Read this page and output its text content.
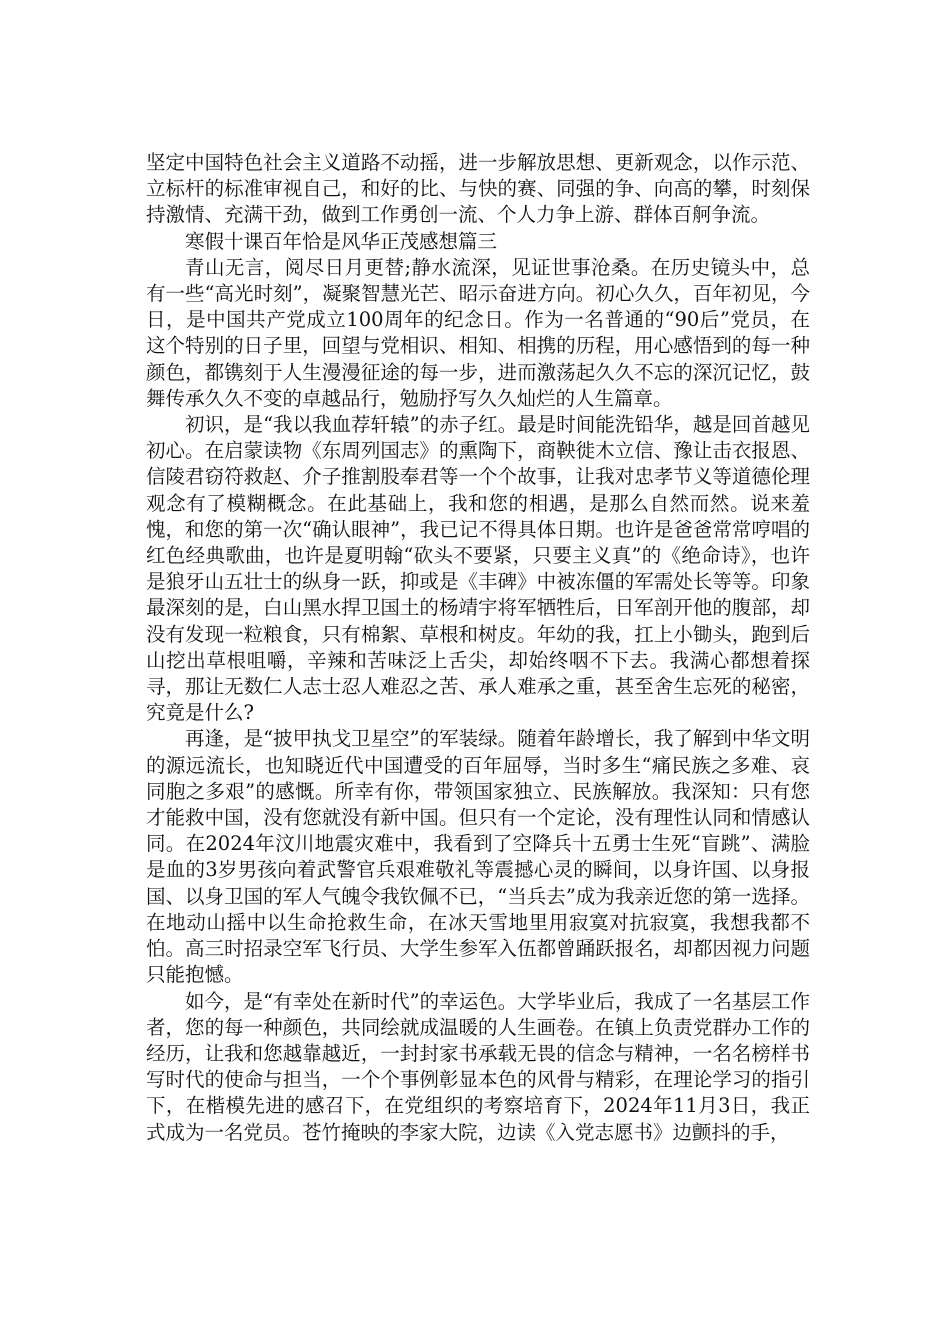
坚定中国特色社会主义道路不动摇，进一步解放思想、更新观念，以作示范、立标杆的标准审视自己，和好的比、与快的赛、同强的争、向高的攀，时刻保持激情、充满干劲，做到工作勇创一流、个人力争上游、群体百舸争流。

寒假十课百年恰是风华正茂感想篇三

青山无言，阅尽日月更替;静水流深，见证世事沧桑。在历史镜头中，总有一些“高光时刻”，凝聚智慧光芒、昭示奋进方向。初心久久，百年初见，今日，是中国共产党成立100周年的纪念日。作为一名普通的“90后”党员，在这个特别的日子里，回望与党相识、相知、相携的历程，用心感悟到的每一种颜色，都镌刻于人生漫漫征途的每一步，进而激荡起久久不忘的深沉记忆，鼓舞传承久久不变的卓越品行，勉励抒写久久灿烂的人生篇章。

初识，是“我以我血荐轩辕”的赤子红。最是时间能洗铅华，越是回首越见初心。在启蒙读物《东周列国志》的熏陶下，商鞅徙木立信、豫让击衣报恩、信陵君窃符救赵、介子推割股奉君等一个个故事，让我对忠孝节义等道德伦理观念有了模糊概念。在此基础上，我和您的相遇，是那么自然而然。说来羞愧，和您的第一次“确认眼神”，我已记不得具体日期。也许是爸爸常常哼唱的红色经典歌曲，也许是夏明翰“砍头不要紧，只要主义真”的《绝命诗》，也许是狼牙山五壮士的纵身一跃，抑或是《丰碑》中被冻僵的军需处长等等。印象最深刻的是，白山黑水捍卫国土的杨靖宇将军牺牲后，日军剖开他的腹部，却没有发现一粒粮食，只有棉絮、草根和树皮。年幼的我，扛上小锄头，跑到后山挖出草根咀嚼，辛辣和苦味泛上舌尖，却始终咽不下去。我满心都想着探寻，那让无数仁人志士忍人难忍之苦、承人难承之重，甚至舍生忘死的秘密，究竟是什么?

再逢，是“披甲执戈卫星空”的军装绿。随着年龄增长，我了解到中华文明的源远流长，也知晓近代中国遭受的百年屈辱，当时多生“痛民族之多难、哀同胞之多艰”的感慨。所幸有你，带领国家独立、民族解放。我深知：只有您才能救中国，没有您就没有新中国。但只有一个定论，没有理性认同和情感认同。在2024年汶川地震灾难中，我看到了空降兵十五勇士生死“盲跳”、满脸是血的3岁男孩向着武警官兵艰难敬礼等震撼心灵的瞬间，以身许国、以身报国、以身卫国的军人气魄令我钦佩不已，“当兵去”成为我亲近您的第一选择。在地动山摇中以生命抢救生命，在冰天雪地里用寂寞对抗寂寞，我想我都不怕。高三时招录空军飞行员、大学生参军入伍都曾踊跃报名，却都因视力问题只能抱憾。

如今，是“有幸处在新时代”的幸运色。大学毕业后，我成了一名基层工作者，您的每一种颜色，共同绘就成温暖的人生画卷。在镇上负责党群办工作的经历，让我和您越靠越近，一封封家书承载无畏的信念与精神，一名名榜样书写时代的使命与担当，一个个事例彰显本色的风骨与精彩，在理论学习的指引下，在楷模先进的感召下，在党组织的考察培育下，2024年11月3日，我正式成为一名党员。苍竹掩映的李家大院，边读《入党志愿书》边颤抖的手，
